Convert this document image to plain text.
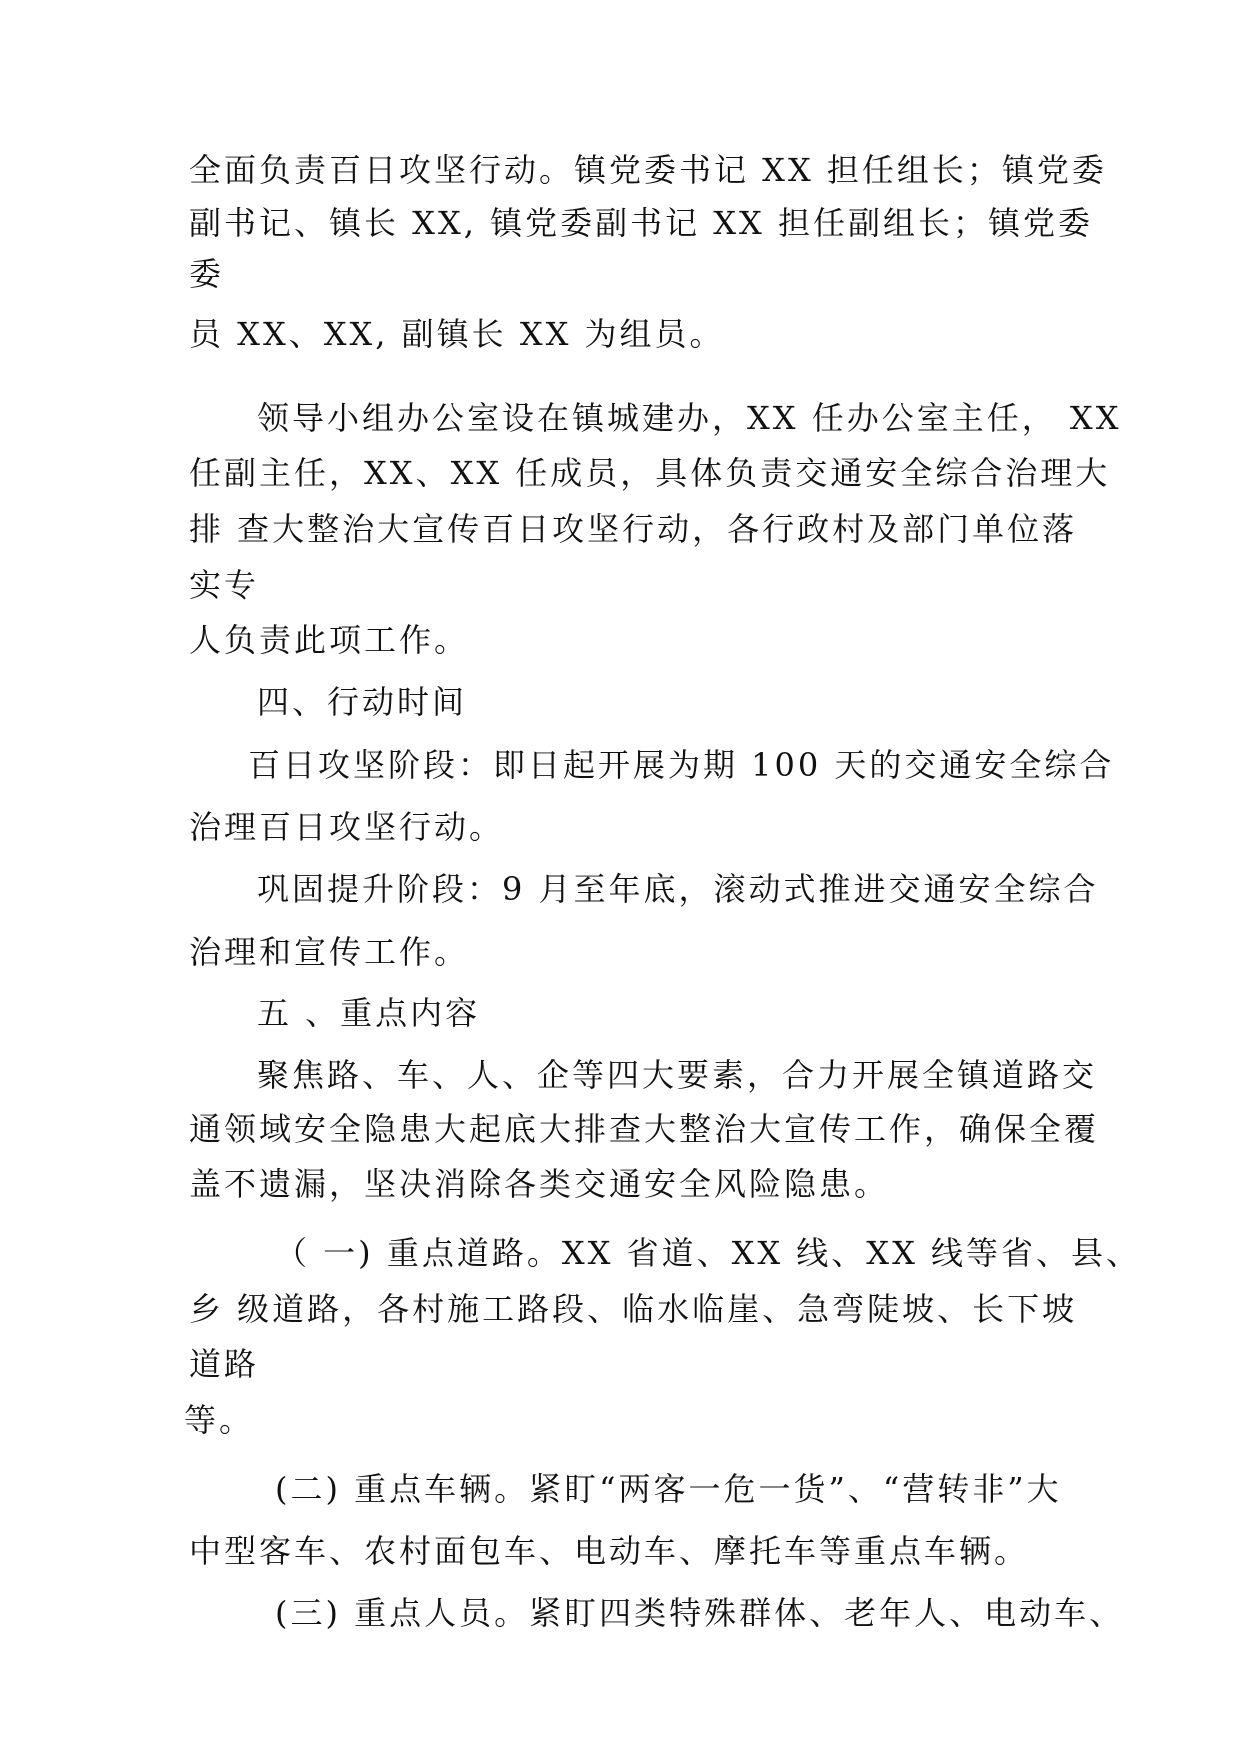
全面负责百日攻坚行动。镇党委书记 XX 担任组长；镇党委
副书记、镇长 XX, 镇党委副书记 XX 担任副组长；镇党委
委
员 XX、XX, 副镇长 XX 为组员。
领导小组办公室设在镇城建办，XX 任办公室主任， XX
任副主任，XX、XX 任成员，具体负责交通安全综合治理大
排 查大整治大宣传百日攻坚行动，各行政村及部门单位落
实专
人负责此项工作。
四、行动时间
百日攻坚阶段：即日起开展为期 100 天的交通安全综合
治理百日攻坚行动。
巩固提升阶段：9 月至年底，滚动式推进交通安全综合
治理和宣传工作。
五 、重点内容
聚焦路、车、人、企等四大要素，合力开展全镇道路交
通领域安全隐患大起底大排查大整治大宣传工作，确保全覆
盖不遗漏，坚决消除各类交通安全风险隐患。
（ 一) 重点道路。XX 省道、XX 线、XX 线等省、县、
乡 级道路，各村施工路段、临水临崖、急弯陡坡、长下坡
道路
等。
(二) 重点车辆。紧盯“两客一危一货”、“营转非”大
中型客车、农村面包车、电动车、摩托车等重点车辆。
(三) 重点人员。紧盯四类特殊群体、老年人、电动车、
